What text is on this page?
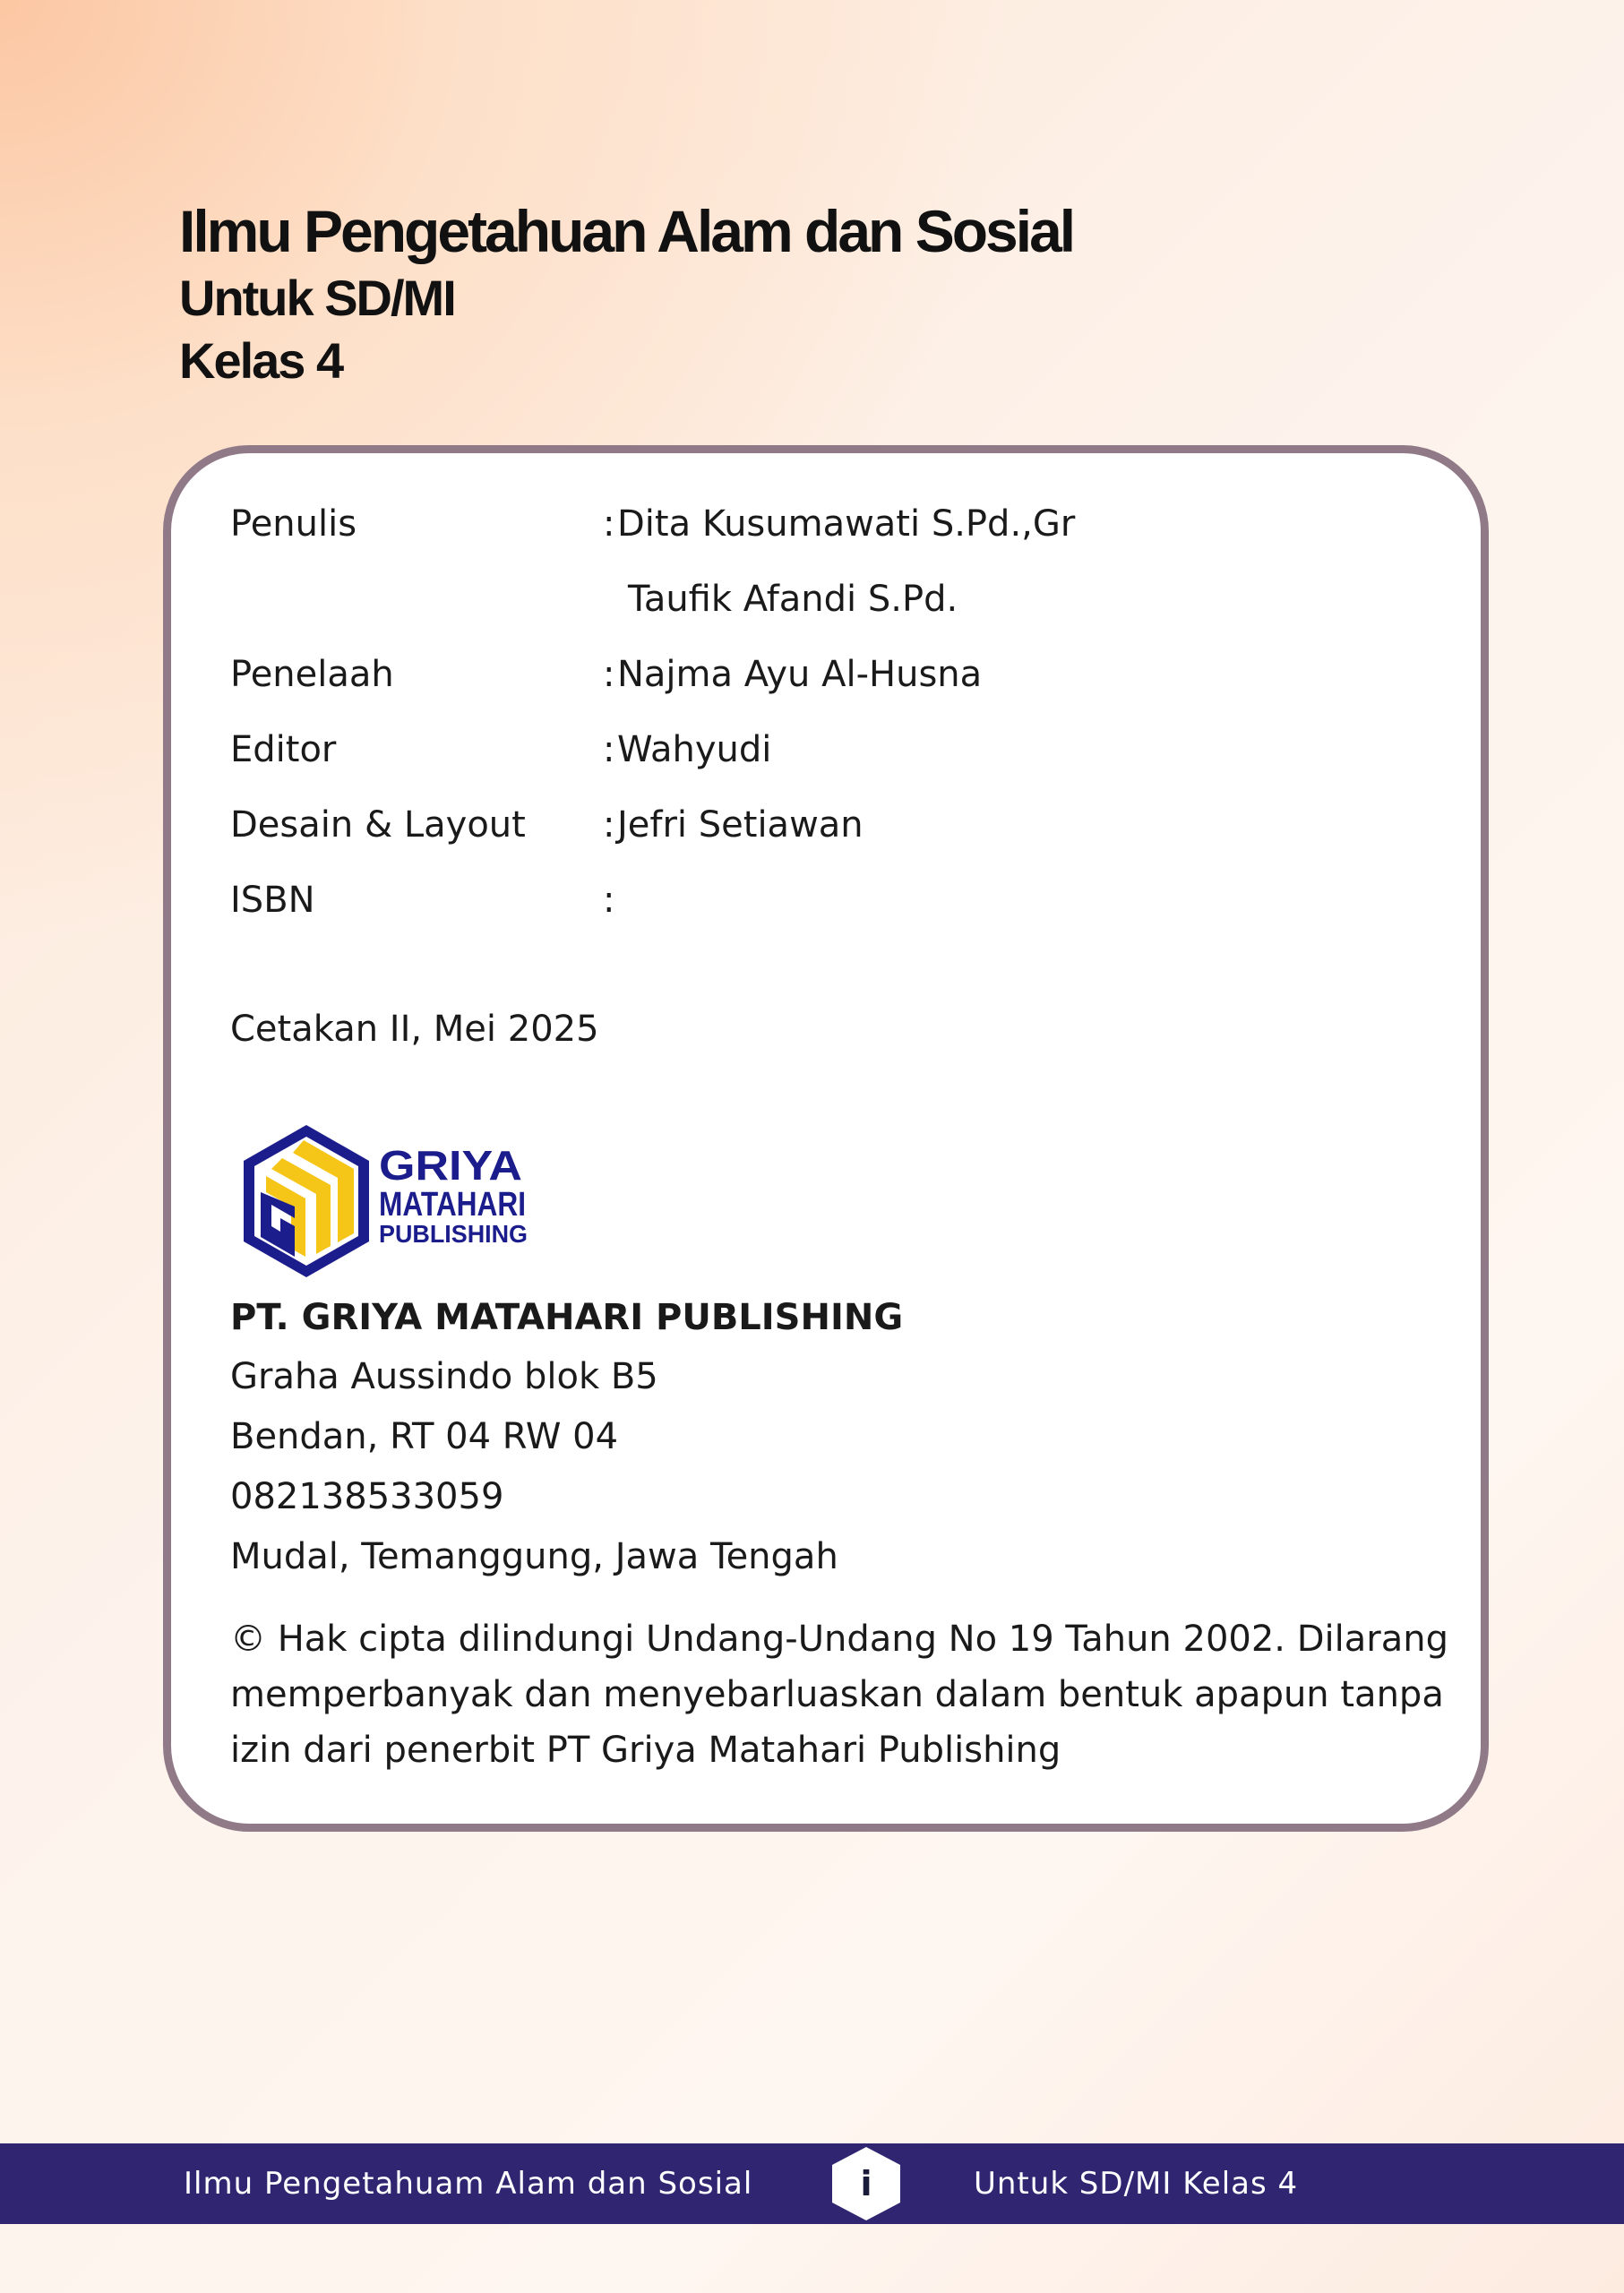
Ilmu Pengetahuan Alam dan Sosial
Untuk SD/MI
Kelas 4
Penulis	: Dita Kusumawati S.Pd.,Gr
Taufik Afandi S.Pd.
Penelaah	: Najma Ayu Al-Husna
Editor	: Wahyudi
Desain & Layout : Jefri Setiawan
ISBN	:
Cetakan II, Mei 2025
GRIYA
MATAHARI
PUBLISHING
PT. GRIYA MATAHARI PUBLISHING
Graha Aussindo blok B5
Bendan, RT 04 RW 04
082138533059
Mudal, Temanggung, Jawa Tengah
© Hak cipta dilindungi Undang-Undang No 19 Tahun 2002. Dilarang memperbanyak dan menyebarluaskan dalam bentuk apapun tanpa izin dari penerbit PT Griya Matahari Publishing
Ilmu Pengetahuam Alam dan Sosial	i	Untuk SD/MI Kelas 4
